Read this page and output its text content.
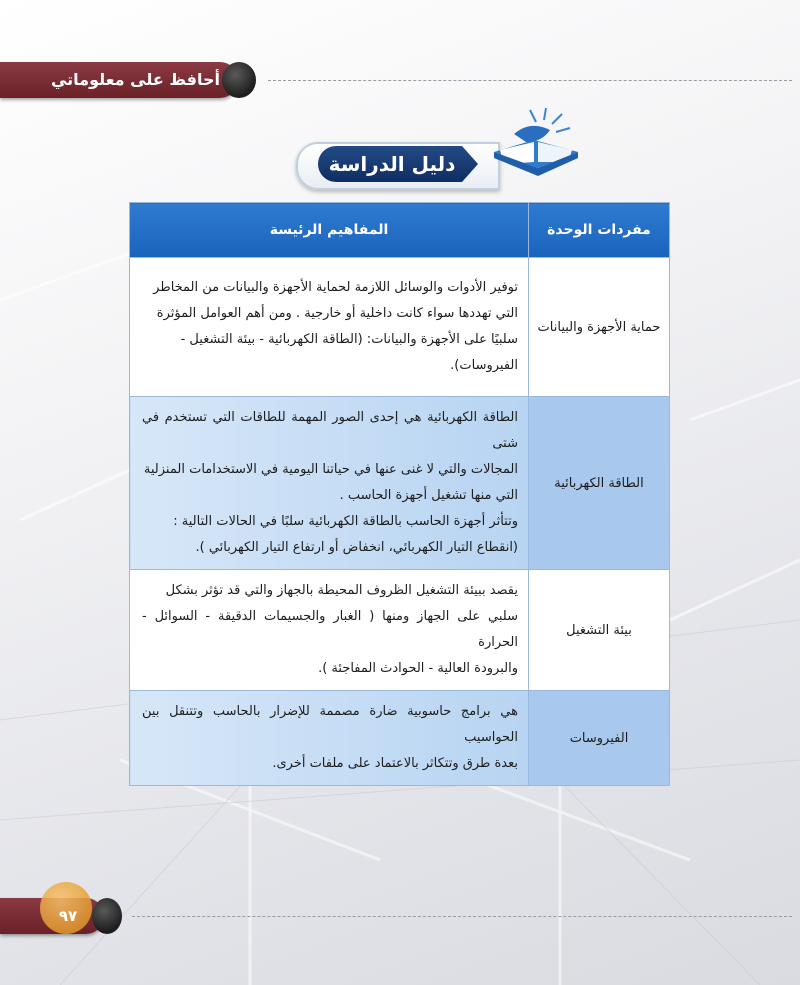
أحافظ على معلوماتي
دليل الدراسة
مفردات الوحدة	المفاهيم الرئيسة
حماية الأجهزة والبيانات	توفير الأدوات والوسائل اللازمة لحماية الأجهزة والبيانات من المخاطر
التي تهددها سواء كانت داخلية أو خارجية . ومن أهم العوامل المؤثرة
سلبيًا على الأجهزة والبيانات: (الطاقة الكهربائية - بيئة التشغيل -
الفيروسات).

الطاقة الكهربائية	الطاقة الكهربائية هي إحدى الصور المهمة للطاقات التي تستخدم في شتى
المجالات والتي لا غنى عنها في حياتنا اليومية في الاستخدامات المنزلية
التي منها تشغيل أجهزة الحاسب .
وتتأثر أجهزة الحاسب بالطاقة الكهربائية سلبًا في الحالات التالية :
(انقطاع التيار الكهربائي، انخفاض أو ارتفاع التيار الكهربائي ).

بيئة التشغيل	يقصد ببيئة التشغيل الظروف المحيطة بالجهاز والتي قد تؤثر بشكل
سلبي على الجهاز ومنها ( الغبار والجسيمات الدقيقة - السوائل - الحرارة
والبرودة العالية - الحوادث المفاجئة ).

الفيروسات	هي برامج حاسوبية ضارة مصممة للإضرار بالحاسب وتتنقل بين الحواسيب
بعدة طرق وتتكاثر بالاعتماد على ملفات أخرى.
٩٧
